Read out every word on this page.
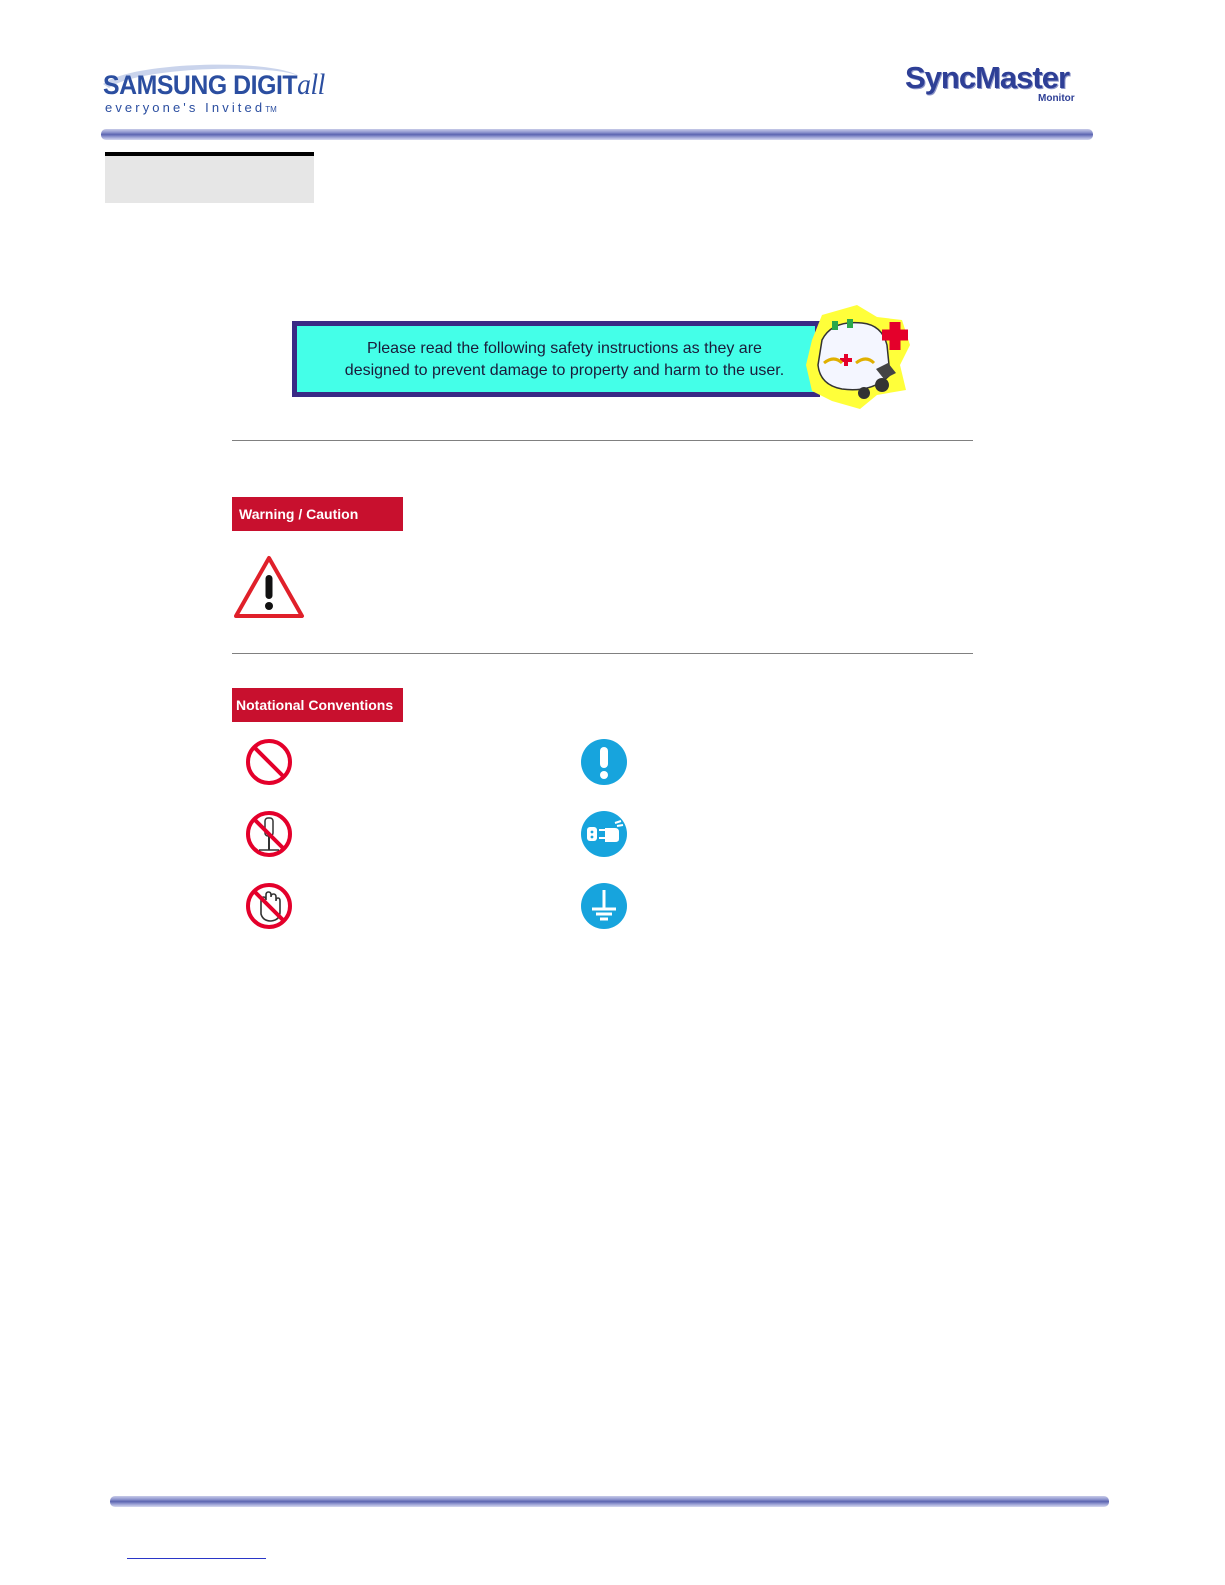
SAMSUNG DIGITall
everyone's InvitedTM
SyncMaster
Monitor
Please read the following safety instructions as they are
designed to prevent damage to property and harm to the user.
Warning / Caution
Notational Conventions
